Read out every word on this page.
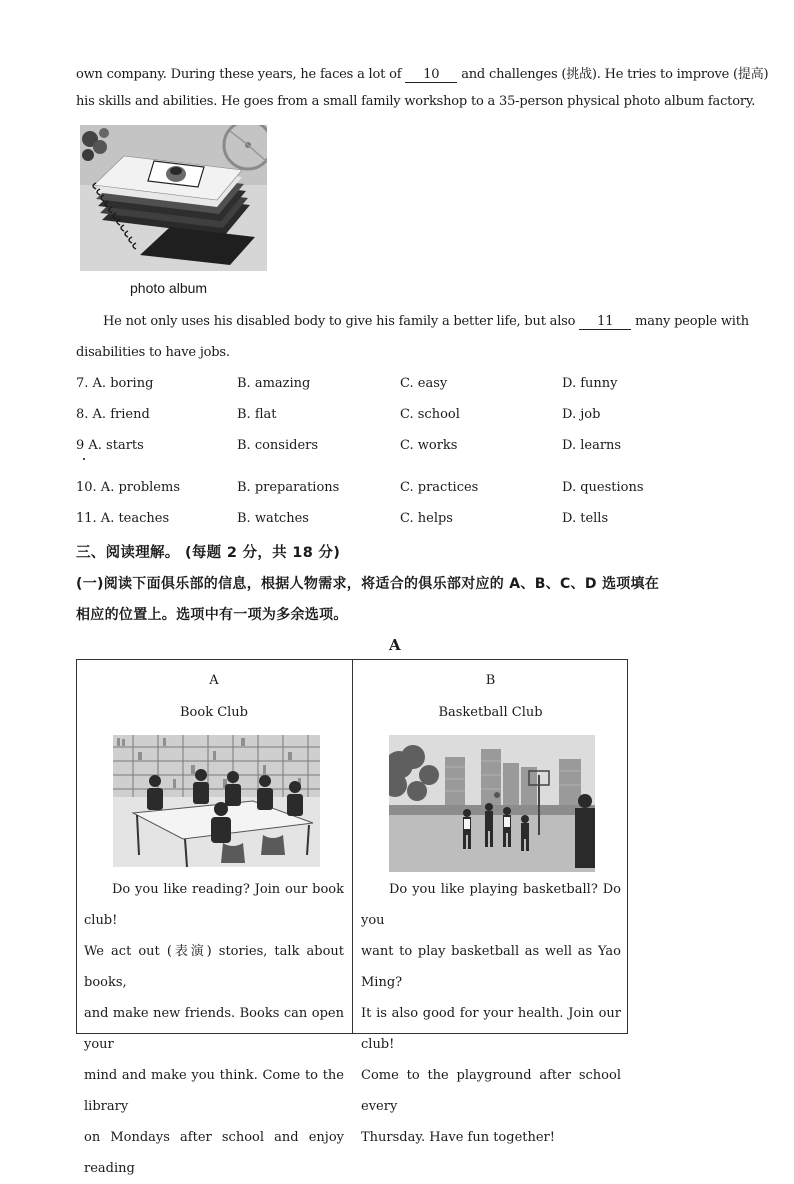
own company. During these years, he faces a lot of 10 and challenges (挑战). He tries to improve (提高)
his skills and abilities. He goes from a small family workshop to a 35-person physical photo album factory.
photo album
He not only uses his disabled body to give his family a better life, but also 11 many people with
disabilities to have jobs.
7. A. boring	B. amazing	C. easy	D. funny
8. A. friend	B. flat	C. school	D. job
9 A. starts	B. considers	C. works	D. learns
10. A. problems	B. preparations	C. practices	D. questions
11. A. teaches	B. watches	C. helps	D. tells
三、阅读理解。 (每题 2 分，共 18 分)
(一)阅读下面俱乐部的信息，根据人物需求，将适合的俱乐部对应的 A、B、C、D 选项填在
相应的位置上。选项中有一项为多余选项。
A
A
Book Club
Do you like reading? Join our book club!
We act out (表演) stories, talk about books,
and make new friends. Books can open your
mind and make you think. Come to the library
on Mondays after school and enjoy reading
B
Basketball Club
Do you like playing basketball? Do you
want to play basketball as well as Yao Ming?
It is also good for your health. Join our club!
Come to the playground after school every
Thursday. Have fun together!
